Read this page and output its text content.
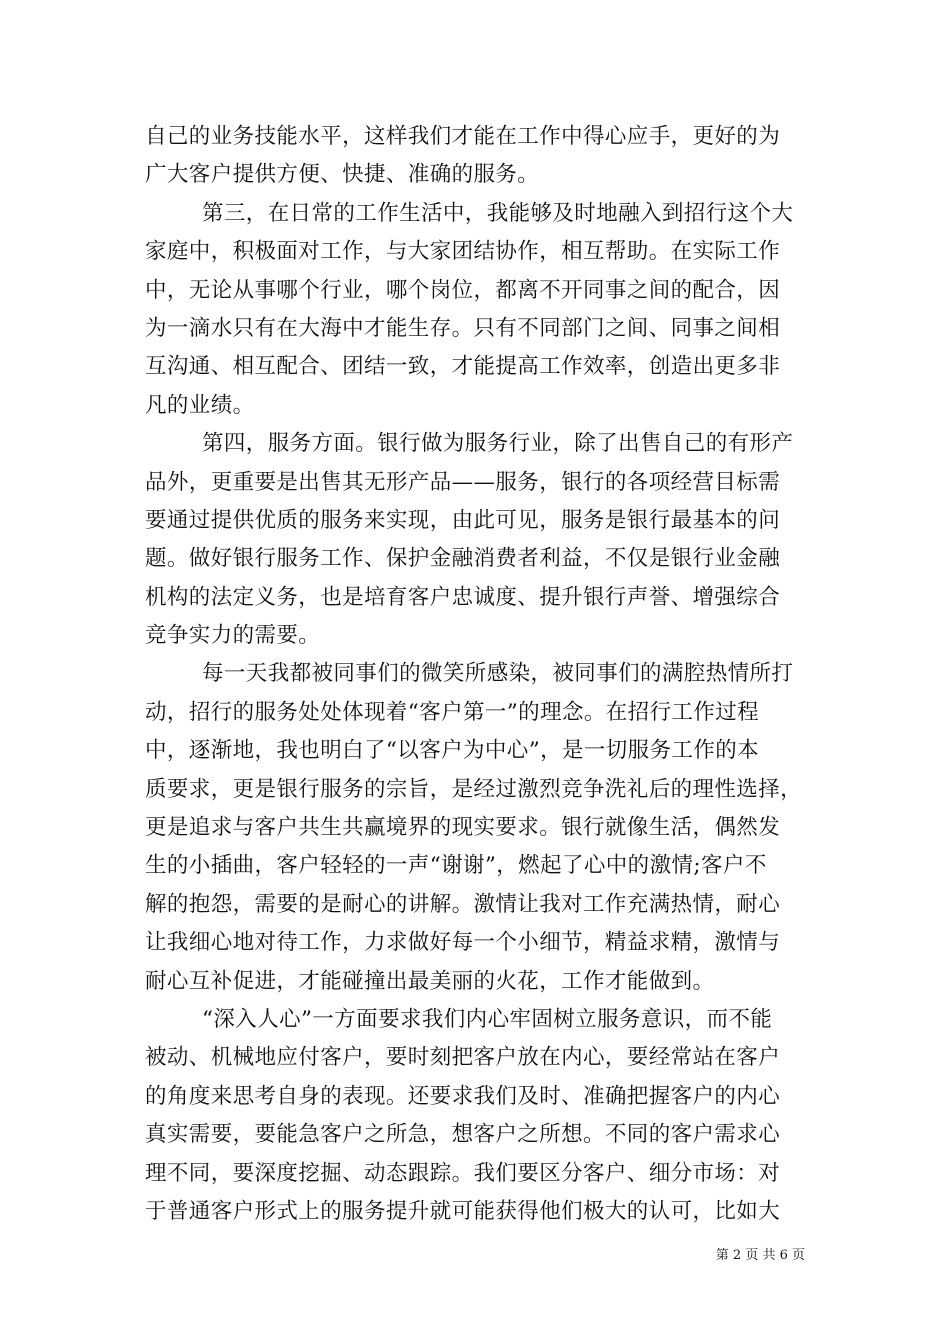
自己的业务技能水平，这样我们才能在工作中得心应手，更好的为
广大客户提供方便、快捷、准确的服务。
第三，在日常的工作生活中，我能够及时地融入到招行这个大
家庭中，积极面对工作，与大家团结协作，相互帮助。在实际工作
中，无论从事哪个行业，哪个岗位，都离不开同事之间的配合，因
为一滴水只有在大海中才能生存。只有不同部门之间、同事之间相
互沟通、相互配合、团结一致，才能提高工作效率，创造出更多非
凡的业绩。
第四，服务方面。银行做为服务行业，除了出售自己的有形产
品外，更重要是出售其无形产品——服务，银行的各项经营目标需
要通过提供优质的服务来实现，由此可见，服务是银行最基本的问
题。做好银行服务工作、保护金融消费者利益，不仅是银行业金融
机构的法定义务，也是培育客户忠诚度、提升银行声誉、增强综合
竞争实力的需要。
每一天我都被同事们的微笑所感染，被同事们的满腔热情所打
动，招行的服务处处体现着“客户第一”的理念。在招行工作过程
中，逐渐地，我也明白了“以客户为中心”，是一切服务工作的本
质要求，更是银行服务的宗旨，是经过激烈竞争洗礼后的理性选择，
更是追求与客户共生共赢境界的现实要求。银行就像生活，偶然发
生的小插曲，客户轻轻的一声“谢谢”，燃起了心中的激情;客户不
解的抱怨，需要的是耐心的讲解。激情让我对工作充满热情，耐心
让我细心地对待工作，力求做好每一个小细节，精益求精，激情与
耐心互补促进，才能碰撞出最美丽的火花，工作才能做到。
“深入人心”一方面要求我们内心牢固树立服务意识，而不能
被动、机械地应付客户，要时刻把客户放在内心，要经常站在客户
的角度来思考自身的表现。还要求我们及时、准确把握客户的内心
真实需要，要能急客户之所急，想客户之所想。不同的客户需求心
理不同，要深度挖掘、动态跟踪。我们要区分客户、细分市场：对
于普通客户形式上的服务提升就可能获得他们极大的认可，比如大
第 2 页 共 6 页
